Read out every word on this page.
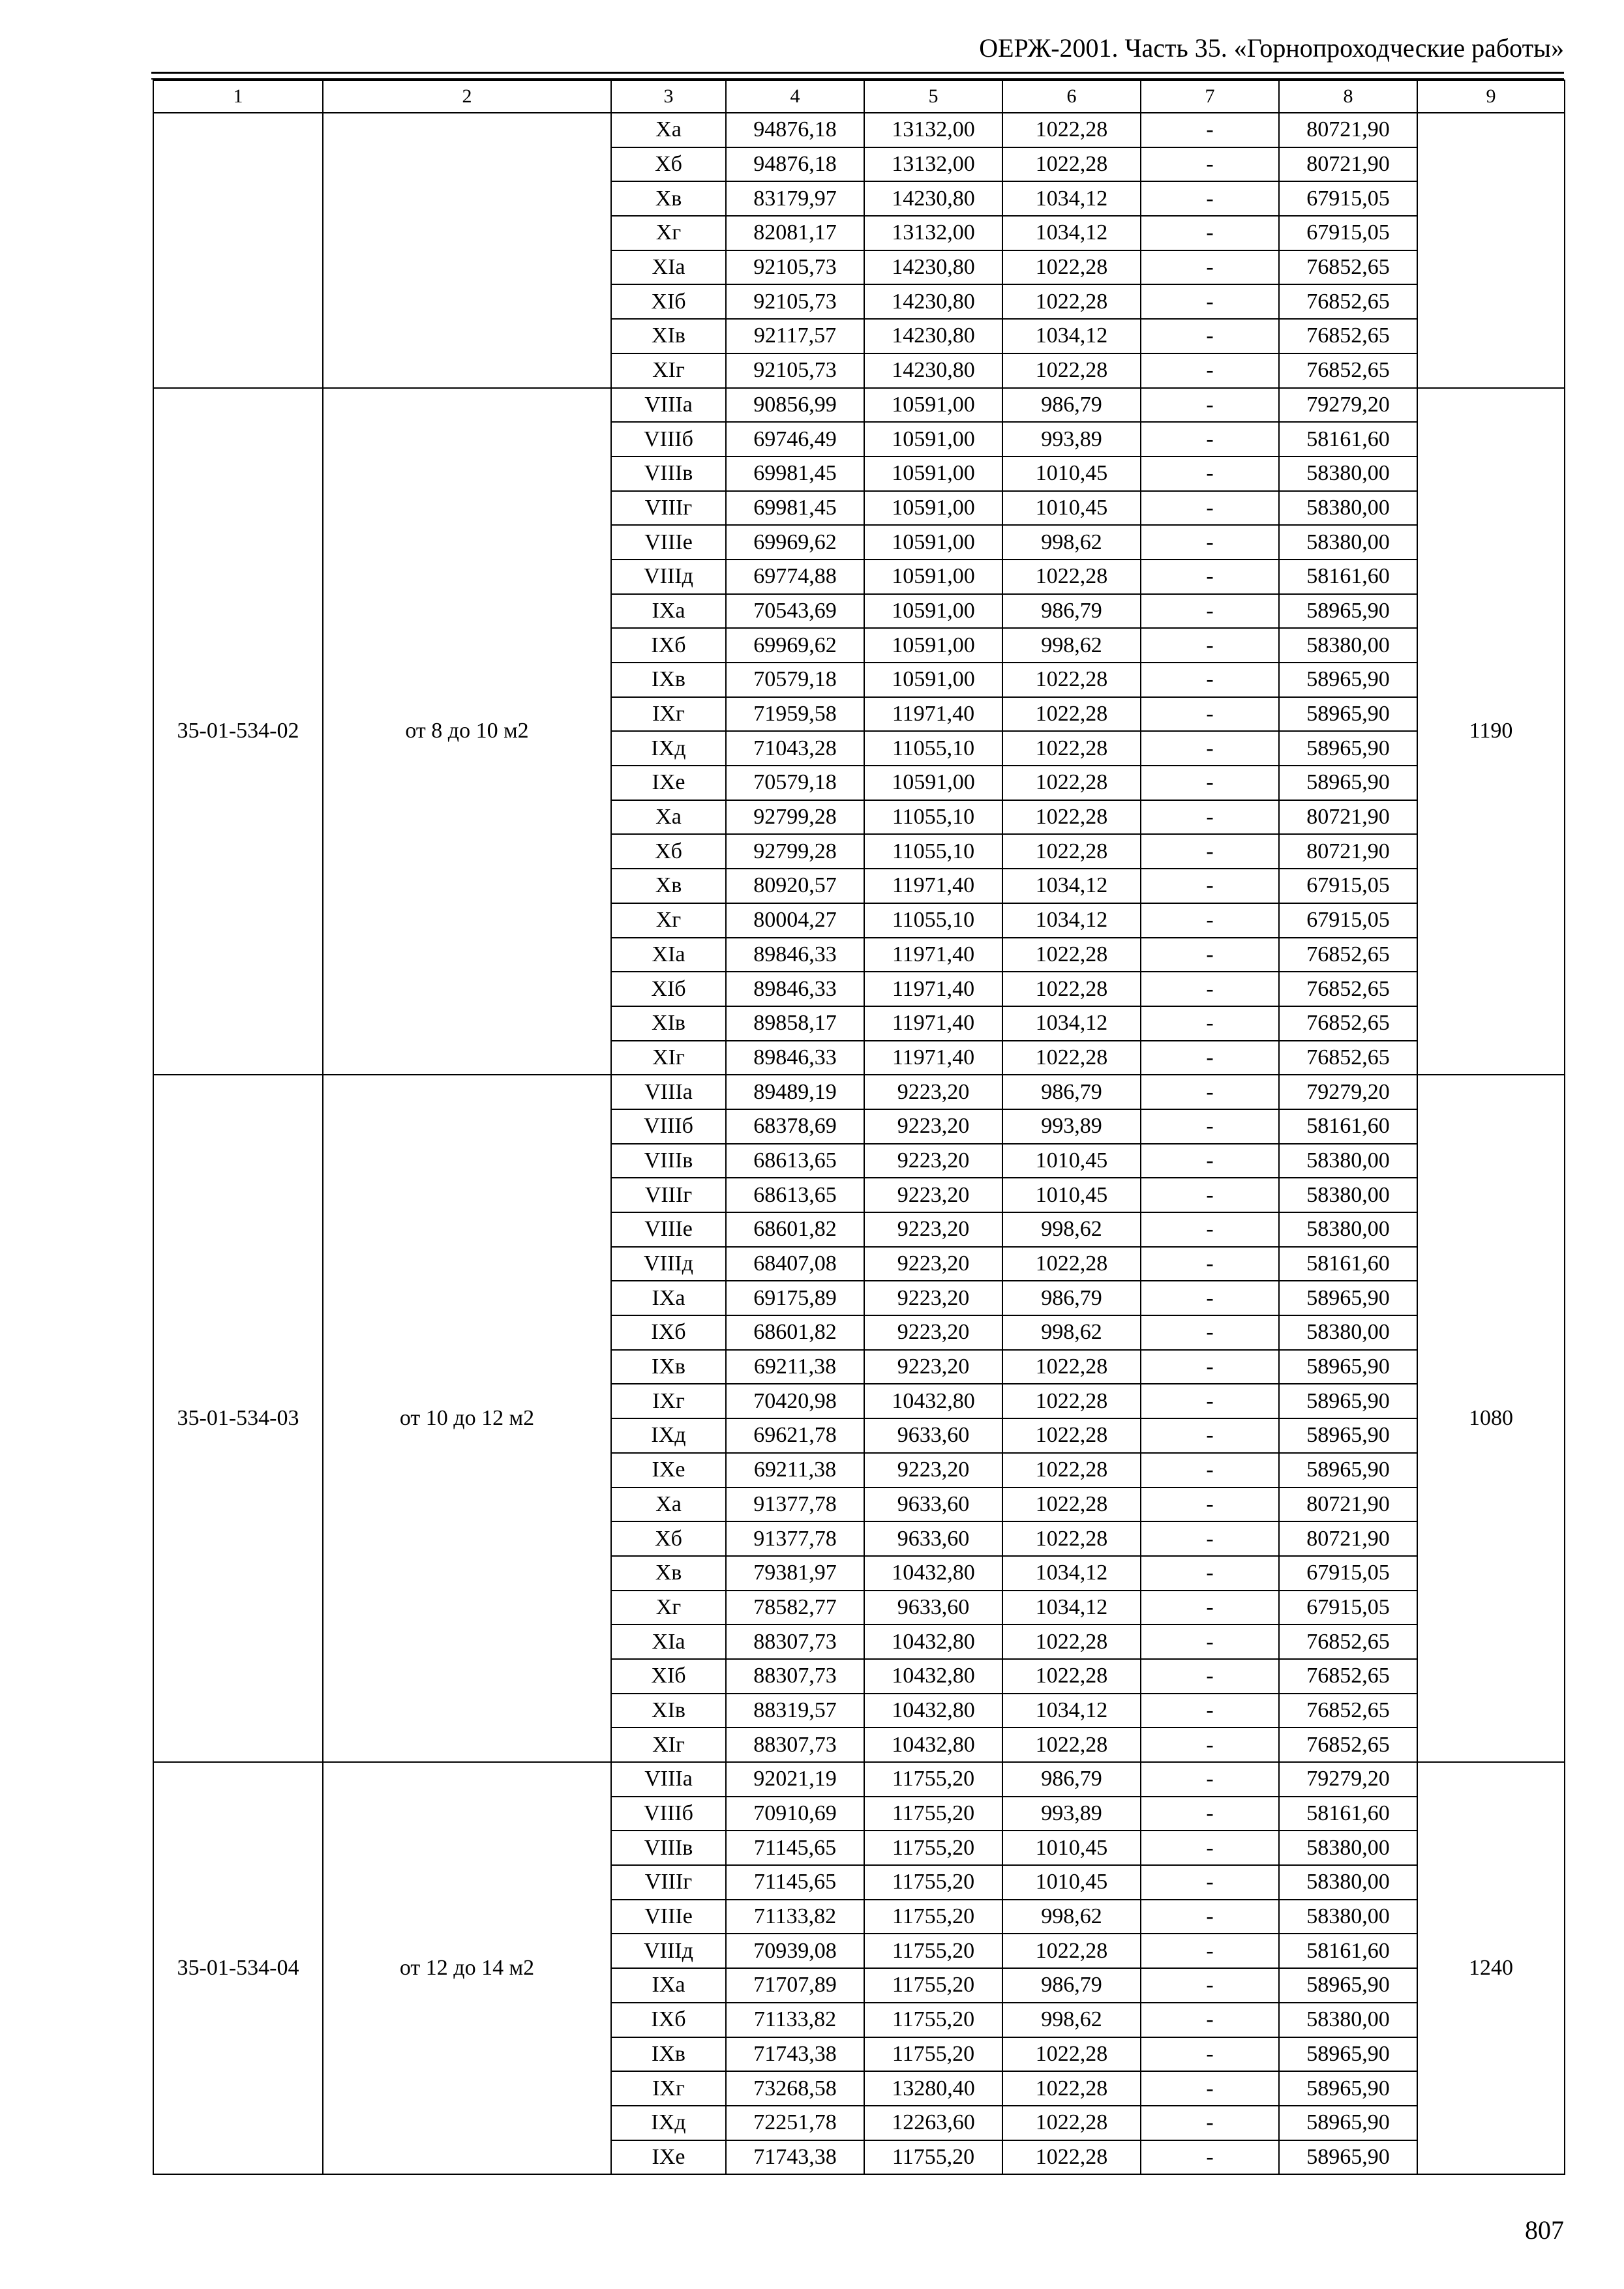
ОЕРЖ-2001. Часть 35. «Горнопроходческие работы»
1	2	3	4	5	6	7	8	9
		Xа	94876,18	13132,00	1022,28	-	80721,90	
		Xб	94876,18	13132,00	1022,28	-	80721,90	
		Xв	83179,97	14230,80	1034,12	-	67915,05	
		Xг	82081,17	13132,00	1034,12	-	67915,05	
		XIа	92105,73	14230,80	1022,28	-	76852,65	
		XIб	92105,73	14230,80	1022,28	-	76852,65	
		XIв	92117,57	14230,80	1034,12	-	76852,65	
		XIг	92105,73	14230,80	1022,28	-	76852,65	
35-01-534-02	от 8 до 10 м2	VIIIа	90856,99	10591,00	986,79	-	79279,20	1190
		VIIIб	69746,49	10591,00	993,89	-	58161,60	
		VIIIв	69981,45	10591,00	1010,45	-	58380,00	
		VIIIг	69981,45	10591,00	1010,45	-	58380,00	
		VIIIе	69969,62	10591,00	998,62	-	58380,00	
		VIIIд	69774,88	10591,00	1022,28	-	58161,60	
		IXа	70543,69	10591,00	986,79	-	58965,90	
		IXб	69969,62	10591,00	998,62	-	58380,00	
		IXв	70579,18	10591,00	1022,28	-	58965,90	
		IXг	71959,58	11971,40	1022,28	-	58965,90	
		IXд	71043,28	11055,10	1022,28	-	58965,90	
		IXе	70579,18	10591,00	1022,28	-	58965,90	
		Xа	92799,28	11055,10	1022,28	-	80721,90	
		Xб	92799,28	11055,10	1022,28	-	80721,90	
		Xв	80920,57	11971,40	1034,12	-	67915,05	
		Xг	80004,27	11055,10	1034,12	-	67915,05	
		XIа	89846,33	11971,40	1022,28	-	76852,65	
		XIб	89846,33	11971,40	1022,28	-	76852,65	
		XIв	89858,17	11971,40	1034,12	-	76852,65	
		XIг	89846,33	11971,40	1022,28	-	76852,65	
35-01-534-03	от 10 до 12 м2	VIIIа	89489,19	9223,20	986,79	-	79279,20	1080
		VIIIб	68378,69	9223,20	993,89	-	58161,60	
		VIIIв	68613,65	9223,20	1010,45	-	58380,00	
		VIIIг	68613,65	9223,20	1010,45	-	58380,00	
		VIIIе	68601,82	9223,20	998,62	-	58380,00	
		VIIIд	68407,08	9223,20	1022,28	-	58161,60	
		IXа	69175,89	9223,20	986,79	-	58965,90	
		IXб	68601,82	9223,20	998,62	-	58380,00	
		IXв	69211,38	9223,20	1022,28	-	58965,90	
		IXг	70420,98	10432,80	1022,28	-	58965,90	
		IXд	69621,78	9633,60	1022,28	-	58965,90	
		IXе	69211,38	9223,20	1022,28	-	58965,90	
		Xа	91377,78	9633,60	1022,28	-	80721,90	
		Xб	91377,78	9633,60	1022,28	-	80721,90	
		Xв	79381,97	10432,80	1034,12	-	67915,05	
		Xг	78582,77	9633,60	1034,12	-	67915,05	
		XIа	88307,73	10432,80	1022,28	-	76852,65	
		XIб	88307,73	10432,80	1022,28	-	76852,65	
		XIв	88319,57	10432,80	1034,12	-	76852,65	
		XIг	88307,73	10432,80	1022,28	-	76852,65	
35-01-534-04	от 12 до 14 м2	VIIIа	92021,19	11755,20	986,79	-	79279,20	1240
		VIIIб	70910,69	11755,20	993,89	-	58161,60	
		VIIIв	71145,65	11755,20	1010,45	-	58380,00	
		VIIIг	71145,65	11755,20	1010,45	-	58380,00	
		VIIIе	71133,82	11755,20	998,62	-	58380,00	
		VIIIд	70939,08	11755,20	1022,28	-	58161,60	
		IXа	71707,89	11755,20	986,79	-	58965,90	
		IXб	71133,82	11755,20	998,62	-	58380,00	
		IXв	71743,38	11755,20	1022,28	-	58965,90	
		IXг	73268,58	13280,40	1022,28	-	58965,90	
		IXд	72251,78	12263,60	1022,28	-	58965,90	
		IXе	71743,38	11755,20	1022,28	-	58965,90	
807
